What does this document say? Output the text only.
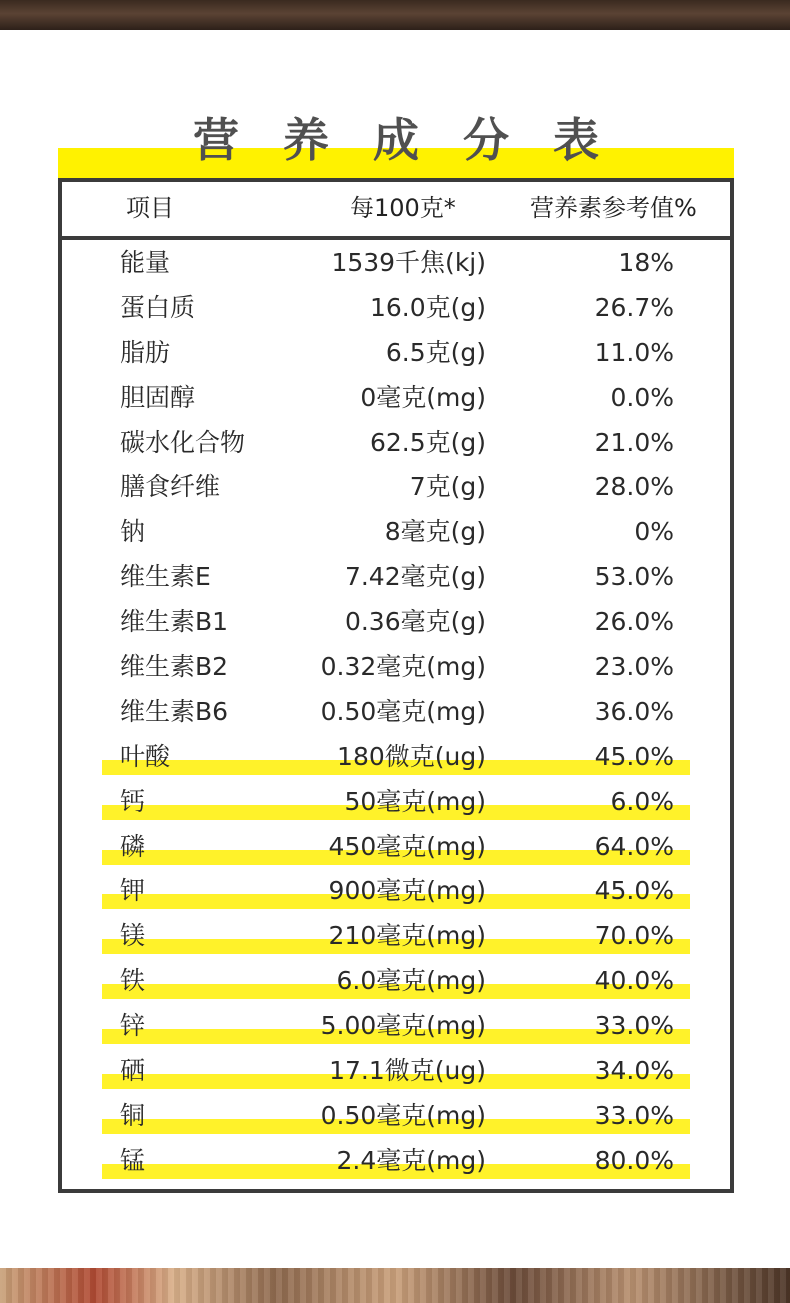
营 养 成 分 表
项目	每100克*	营养素参考值%
能量	1539千焦(kj)	18%
蛋白质	16.0克(g)	26.7%
脂肪	6.5克(g)	11.0%
胆固醇	0毫克(mg)	0.0%
碳水化合物	62.5克(g)	21.0%
膳食纤维	7克(g)	28.0%
钠	8毫克(g)	0%
维生素E	7.42毫克(g)	53.0%
维生素B1	0.36毫克(g)	26.0%
维生素B2	0.32毫克(mg)	23.0%
维生素B6	0.50毫克(mg)	36.0%
叶酸	180微克(ug)	45.0%
钙	50毫克(mg)	6.0%
磷	450毫克(mg)	64.0%
钾	900毫克(mg)	45.0%
镁	210毫克(mg)	70.0%
铁	6.0毫克(mg)	40.0%
锌	5.00毫克(mg)	33.0%
硒	17.1微克(ug)	34.0%
铜	0.50毫克(mg)	33.0%
锰	2.4毫克(mg)	80.0%
